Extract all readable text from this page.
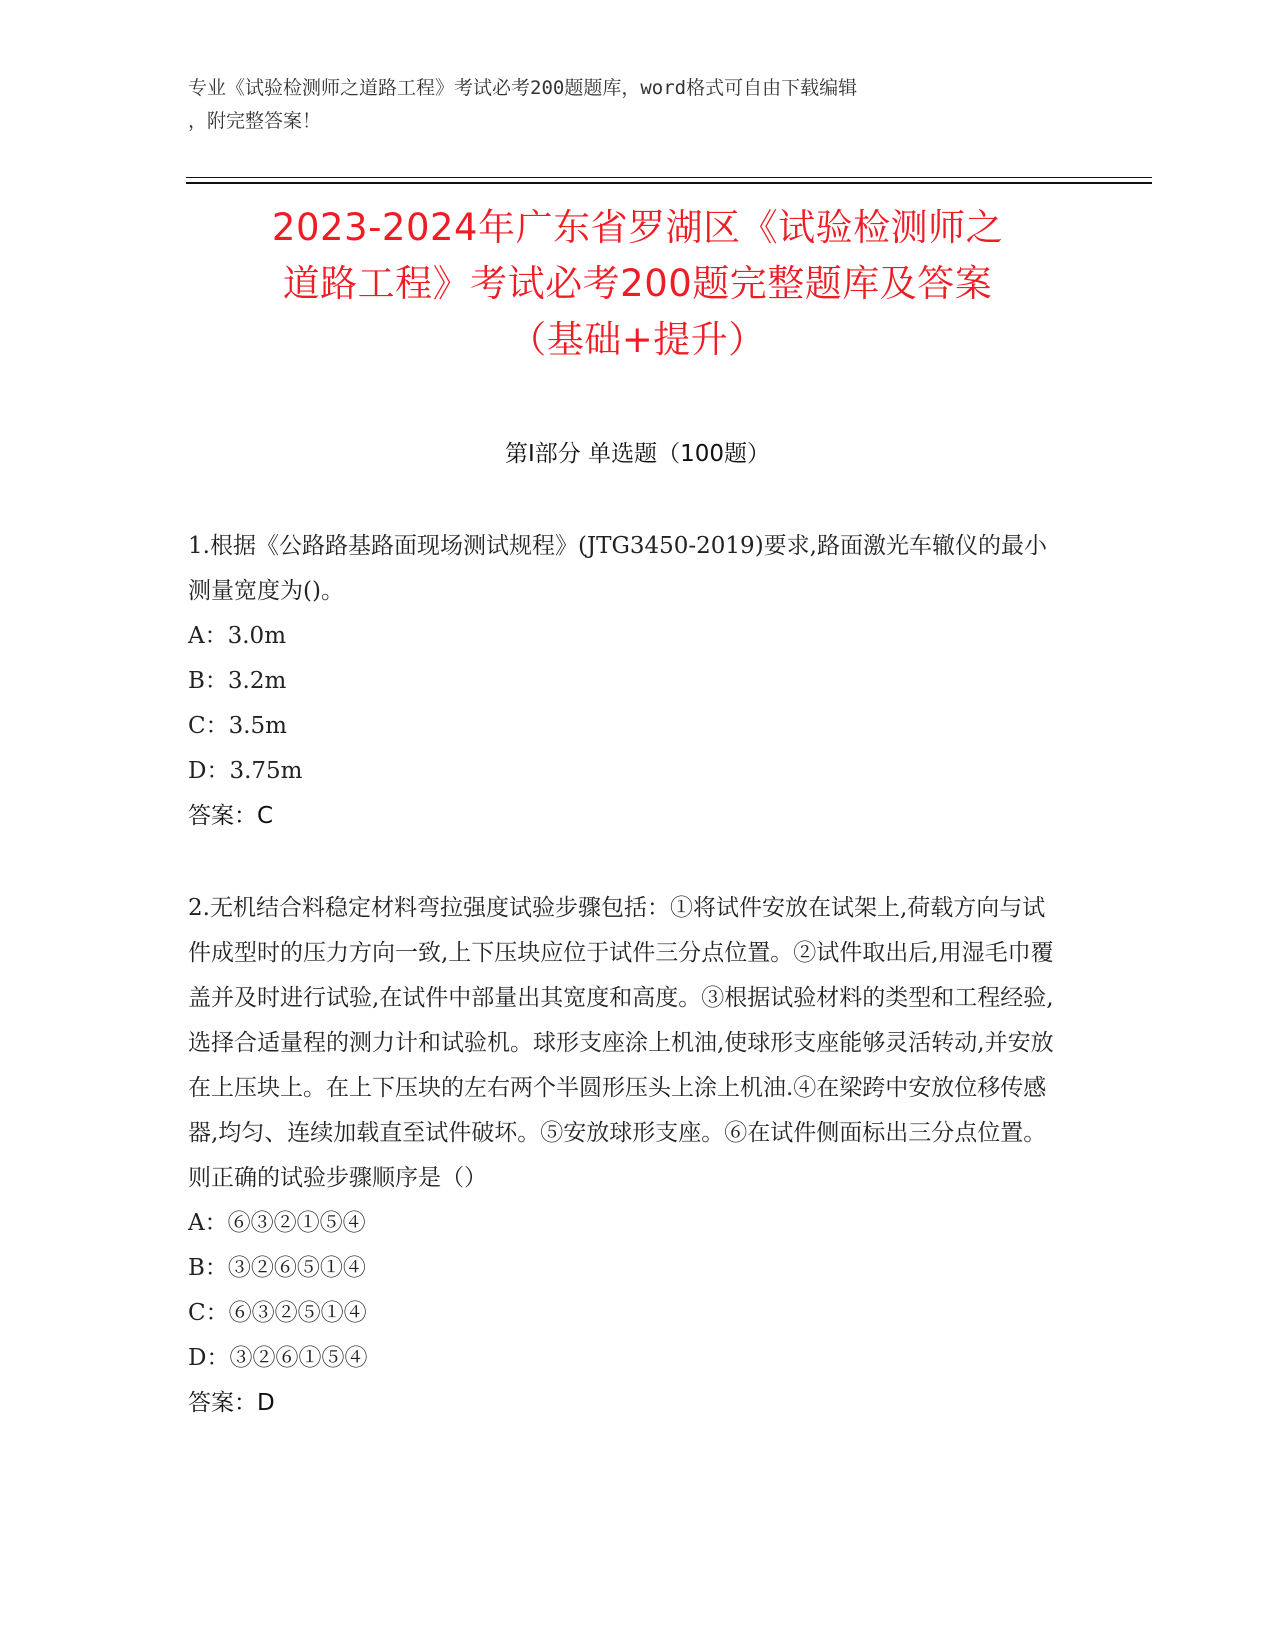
专业《试验检测师之道路工程》考试必考200题题库，word格式可自由下载编辑
，附完整答案！
2023-2024年广东省罗湖区《试验检测师之
道路工程》考试必考200题完整题库及答案
（基础+提升）
第Ⅰ部分 单选题（100题）
1.根据《公路路基路面现场测试规程》(JTG3450-2019)要求,路面激光车辙仪的最小测量宽度为()。
A：3.0m
B：3.2m
C：3.5m
D：3.75m
答案：C
2.无机结合料稳定材料弯拉强度试验步骤包括：①将试件安放在试架上,荷载方向与试件成型时的压力方向一致,上下压块应位于试件三分点位置。②试件取出后,用湿毛巾覆盖并及时进行试验,在试件中部量出其宽度和高度。③根据试验材料的类型和工程经验,选择合适量程的测力计和试验机。球形支座涂上机油,使球形支座能够灵活转动,并安放在上压块上。在上下压块的左右两个半圆形压头上涂上机油.④在梁跨中安放位移传感器,均匀、连续加载直至试件破坏。⑤安放球形支座。⑥在试件侧面标出三分点位置。则正确的试验步骤顺序是（）
A：⑥③②①⑤④
B：③②⑥⑤①④
C：⑥③②⑤①④
D：③②⑥①⑤④
答案：D
